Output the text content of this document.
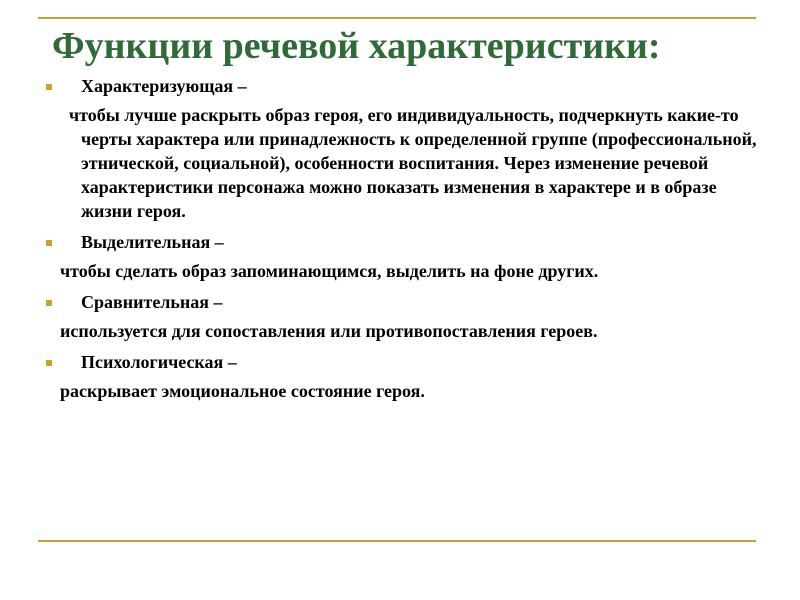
Функции речевой характеристики:
Характеризующая –

чтобы лучше раскрыть образ героя, его индивидуальность, подчеркнуть какие-то черты характера или принадлежность к определенной группе (профессиональной, этнической, социальной), особенности воспитания. Через изменение речевой характеристики персонажа можно показать изменения в характере и в образе жизни героя.

Выделительная –

чтобы сделать образ запоминающимся, выделить на фоне других.

Сравнительная –

используется для сопоставления или противопоставления героев.

Психологическая –

раскрывает эмоциональное состояние героя.
